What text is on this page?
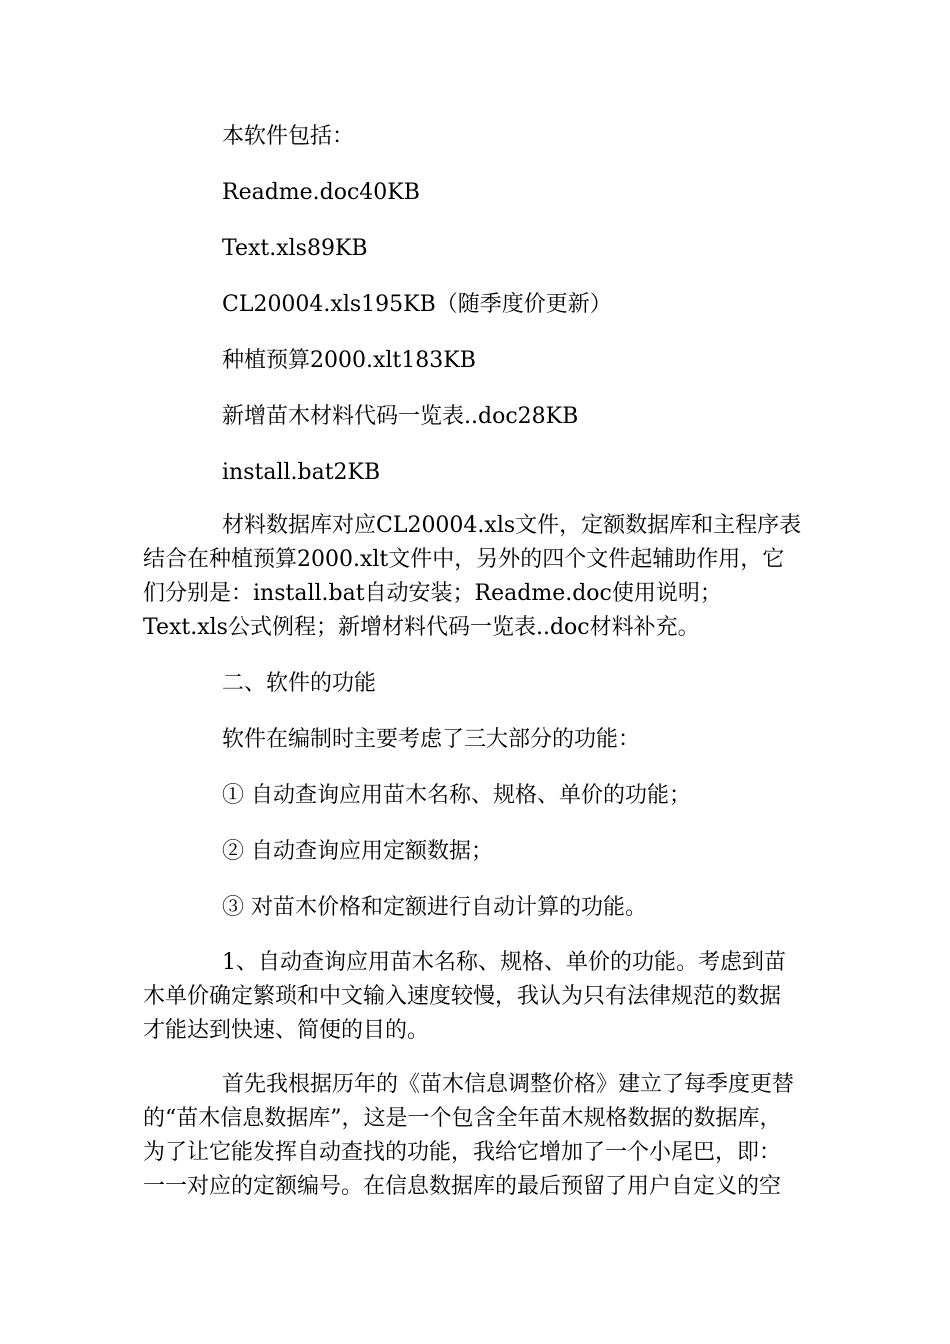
本软件包括：
Readme.doc40KB
Text.xls89KB
CL20004.xls195KB（随季度价更新）
种植预算2000.xlt183KB
新增苗木材料代码一览表..doc28KB
install.bat2KB
材料数据库对应CL20004.xls文件，定额数据库和主程序表
结合在种植预算2000.xlt文件中，另外的四个文件起辅助作用，它
们分别是：install.bat自动安装；Readme.doc使用说明；
Text.xls公式例程；新增材料代码一览表..doc材料补充。
二、软件的功能
软件在编制时主要考虑了三大部分的功能：
① 自动查询应用苗木名称、规格、单价的功能；
② 自动查询应用定额数据；
③ 对苗木价格和定额进行自动计算的功能。
1、自动查询应用苗木名称、规格、单价的功能。考虑到苗
木单价确定繁琐和中文输入速度较慢，我认为只有法律规范的数据
才能达到快速、简便的目的。
首先我根据历年的《苗木信息调整价格》建立了每季度更替
的“苗木信息数据库”，这是一个包含全年苗木规格数据的数据库，
为了让它能发挥自动查找的功能，我给它增加了一个小尾巴，即：
一一对应的定额编号。在信息数据库的最后预留了用户自定义的空
